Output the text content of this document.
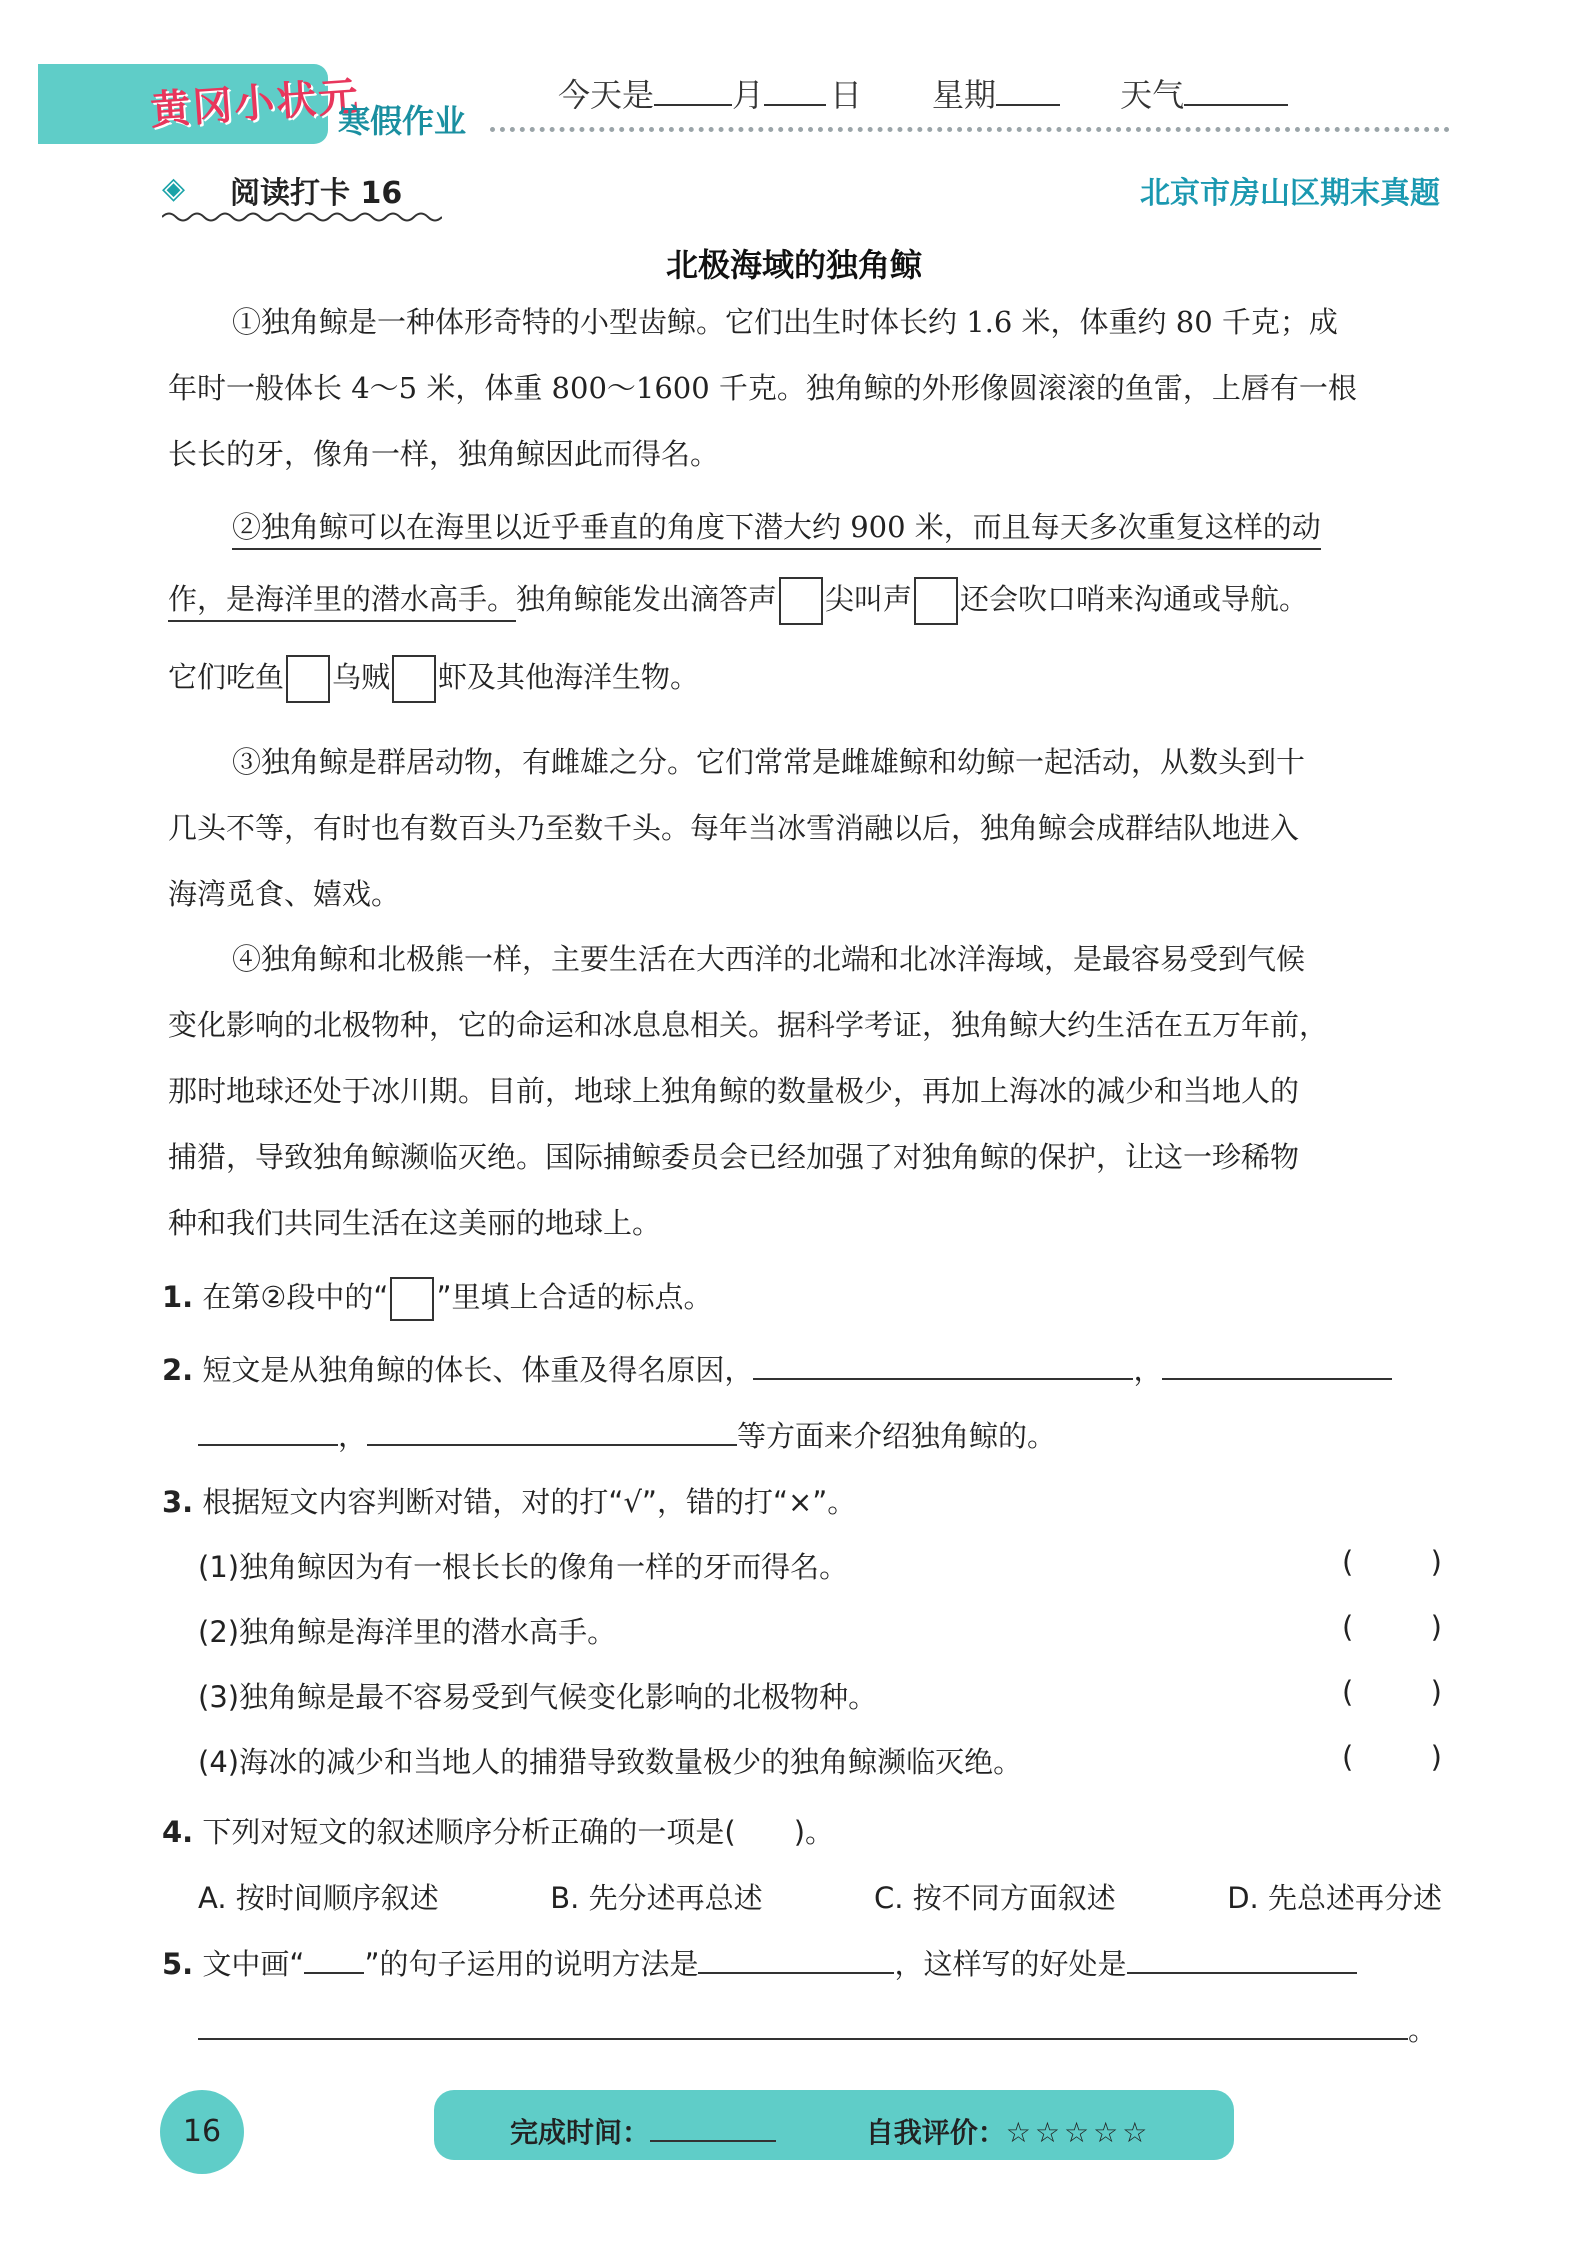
黄冈小状元
寒假作业
今天是 月 日 星期	天气
◈ 阅读打卡 16	北京市房山区期末真题
北极海域的独角鲸
①独角鲸是一种体形奇特的小型齿鲸。它们出生时体长约 1.6 米，体重约 80 千克；成
年时一般体长 4～5 米，体重 800～1600 千克。独角鲸的外形像圆滚滚的鱼雷，上唇有一根
长长的牙，像角一样，独角鲸因此而得名。
②独角鲸可以在海里以近乎垂直的角度下潜大约 900 米，而且每天多次重复这样的动
作，是海洋里的潜水高手。独角鲸能发出滴答声 尖叫声 还会吹口哨来沟通或导航。
它们吃鱼 乌贼 虾及其他海洋生物。
③独角鲸是群居动物，有雌雄之分。它们常常是雌雄鲸和幼鲸一起活动，从数头到十
几头不等，有时也有数百头乃至数千头。每年当冰雪消融以后，独角鲸会成群结队地进入
海湾觅食、嬉戏。
④独角鲸和北极熊一样，主要生活在大西洋的北端和北冰洋海域，是最容易受到气候
变化影响的北极物种，它的命运和冰息息相关。据科学考证，独角鲸大约生活在五万年前，
那时地球还处于冰川期。目前，地球上独角鲸的数量极少，再加上海冰的减少和当地人的
捕猎，导致独角鲸濒临灭绝。国际捕鲸委员会已经加强了对独角鲸的保护，让这一珍稀物
种和我们共同生活在这美丽的地球上。
1. 在第②段中的“ ”里填上合适的标点。
2. 短文是从独角鲸的体长、体重及得名原因，	，
，	等方面来介绍独角鲸的。
3. 根据短文内容判断对错，对的打“√”，错的打“×”。
(1)独角鲸因为有一根长长的像角一样的牙而得名。	(	)
(2)独角鲸是海洋里的潜水高手。	(	)
(3)独角鲸是最不容易受到气候变化影响的北极物种。	(	)
(4)海冰的减少和当地人的捕猎导致数量极少的独角鲸濒临灭绝。	(	)
4. 下列对短文的叙述顺序分析正确的一项是(　　)。
A. 按时间顺序叙述	B. 先分述再总述	C. 按不同方面叙述	D. 先总述再分述
5. 文中画“ ”的句子运用的说明方法是	，这样写的好处是
。
16	完成时间：	自我评价：☆☆☆☆☆
